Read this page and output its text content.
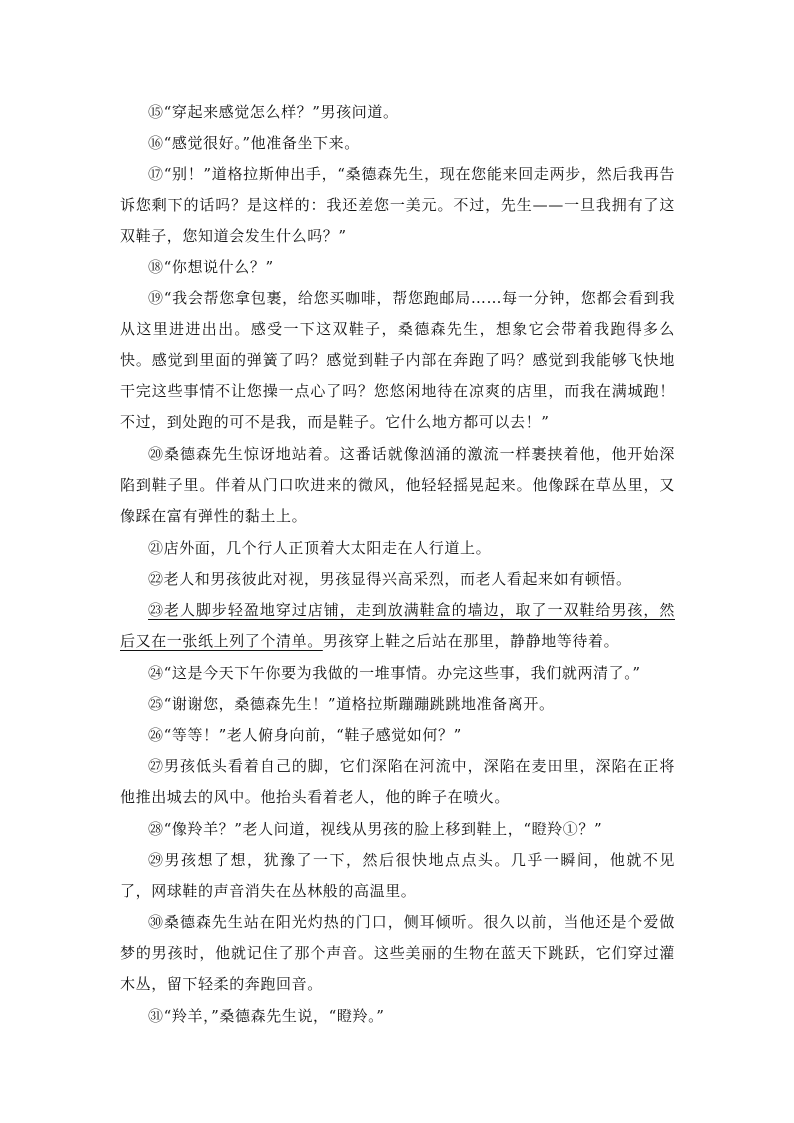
⑮“穿起来感觉怎么样？”男孩问道。

⑯“感觉很好。”他准备坐下来。

⑰“别！”道格拉斯伸出手，“桑德森先生，现在您能来回走两步，然后我再告诉您剩下的话吗？是这样的：我还差您一美元。不过，先生——一旦我拥有了这双鞋子，您知道会发生什么吗？”

⑱“你想说什么？”

⑲“我会帮您拿包裹，给您买咖啡，帮您跑邮局……每一分钟，您都会看到我从这里进进出出。感受一下这双鞋子，桑德森先生，想象它会带着我跑得多么快。感觉到里面的弹簧了吗？感觉到鞋子内部在奔跑了吗？感觉到我能够飞快地干完这些事情不让您操一点心了吗？您悠闲地待在凉爽的店里，而我在满城跑！不过，到处跑的可不是我，而是鞋子。它什么地方都可以去！”

⑳桑德森先生惊讶地站着。这番话就像汹涌的激流一样裹挟着他，他开始深陷到鞋子里。伴着从门口吹进来的微风，他轻轻摇晃起来。他像踩在草丛里，又像踩在富有弹性的黏土上。

㉑店外面，几个行人正顶着大太阳走在人行道上。

㉒老人和男孩彼此对视，男孩显得兴高采烈，而老人看起来如有顿悟。

㉓老人脚步轻盈地穿过店铺，走到放满鞋盒的墙边，取了一双鞋给男孩，然后又在一张纸上列了个清单。男孩穿上鞋之后站在那里，静静地等待着。

㉔“这是今天下午你要为我做的一堆事情。办完这些事，我们就两清了。”

㉕“谢谢您，桑德森先生！”道格拉斯蹦蹦跳跳地准备离开。

㉖“等等！”老人俯身向前，“鞋子感觉如何？”

㉗男孩低头看着自己的脚，它们深陷在河流中，深陷在麦田里，深陷在正将他推出城去的风中。他抬头看着老人，他的眸子在喷火。

㉘“像羚羊？”老人问道，视线从男孩的脸上移到鞋上，“瞪羚①？”

㉙男孩想了想，犹豫了一下，然后很快地点点头。几乎一瞬间，他就不见了，网球鞋的声音消失在丛林般的高温里。

㉚桑德森先生站在阳光灼热的门口，侧耳倾听。很久以前，当他还是个爱做梦的男孩时，他就记住了那个声音。这些美丽的生物在蓝天下跳跃，它们穿过灌木丛，留下轻柔的奔跑回音。

㉛“羚羊，”桑德森先生说，“瞪羚。”
